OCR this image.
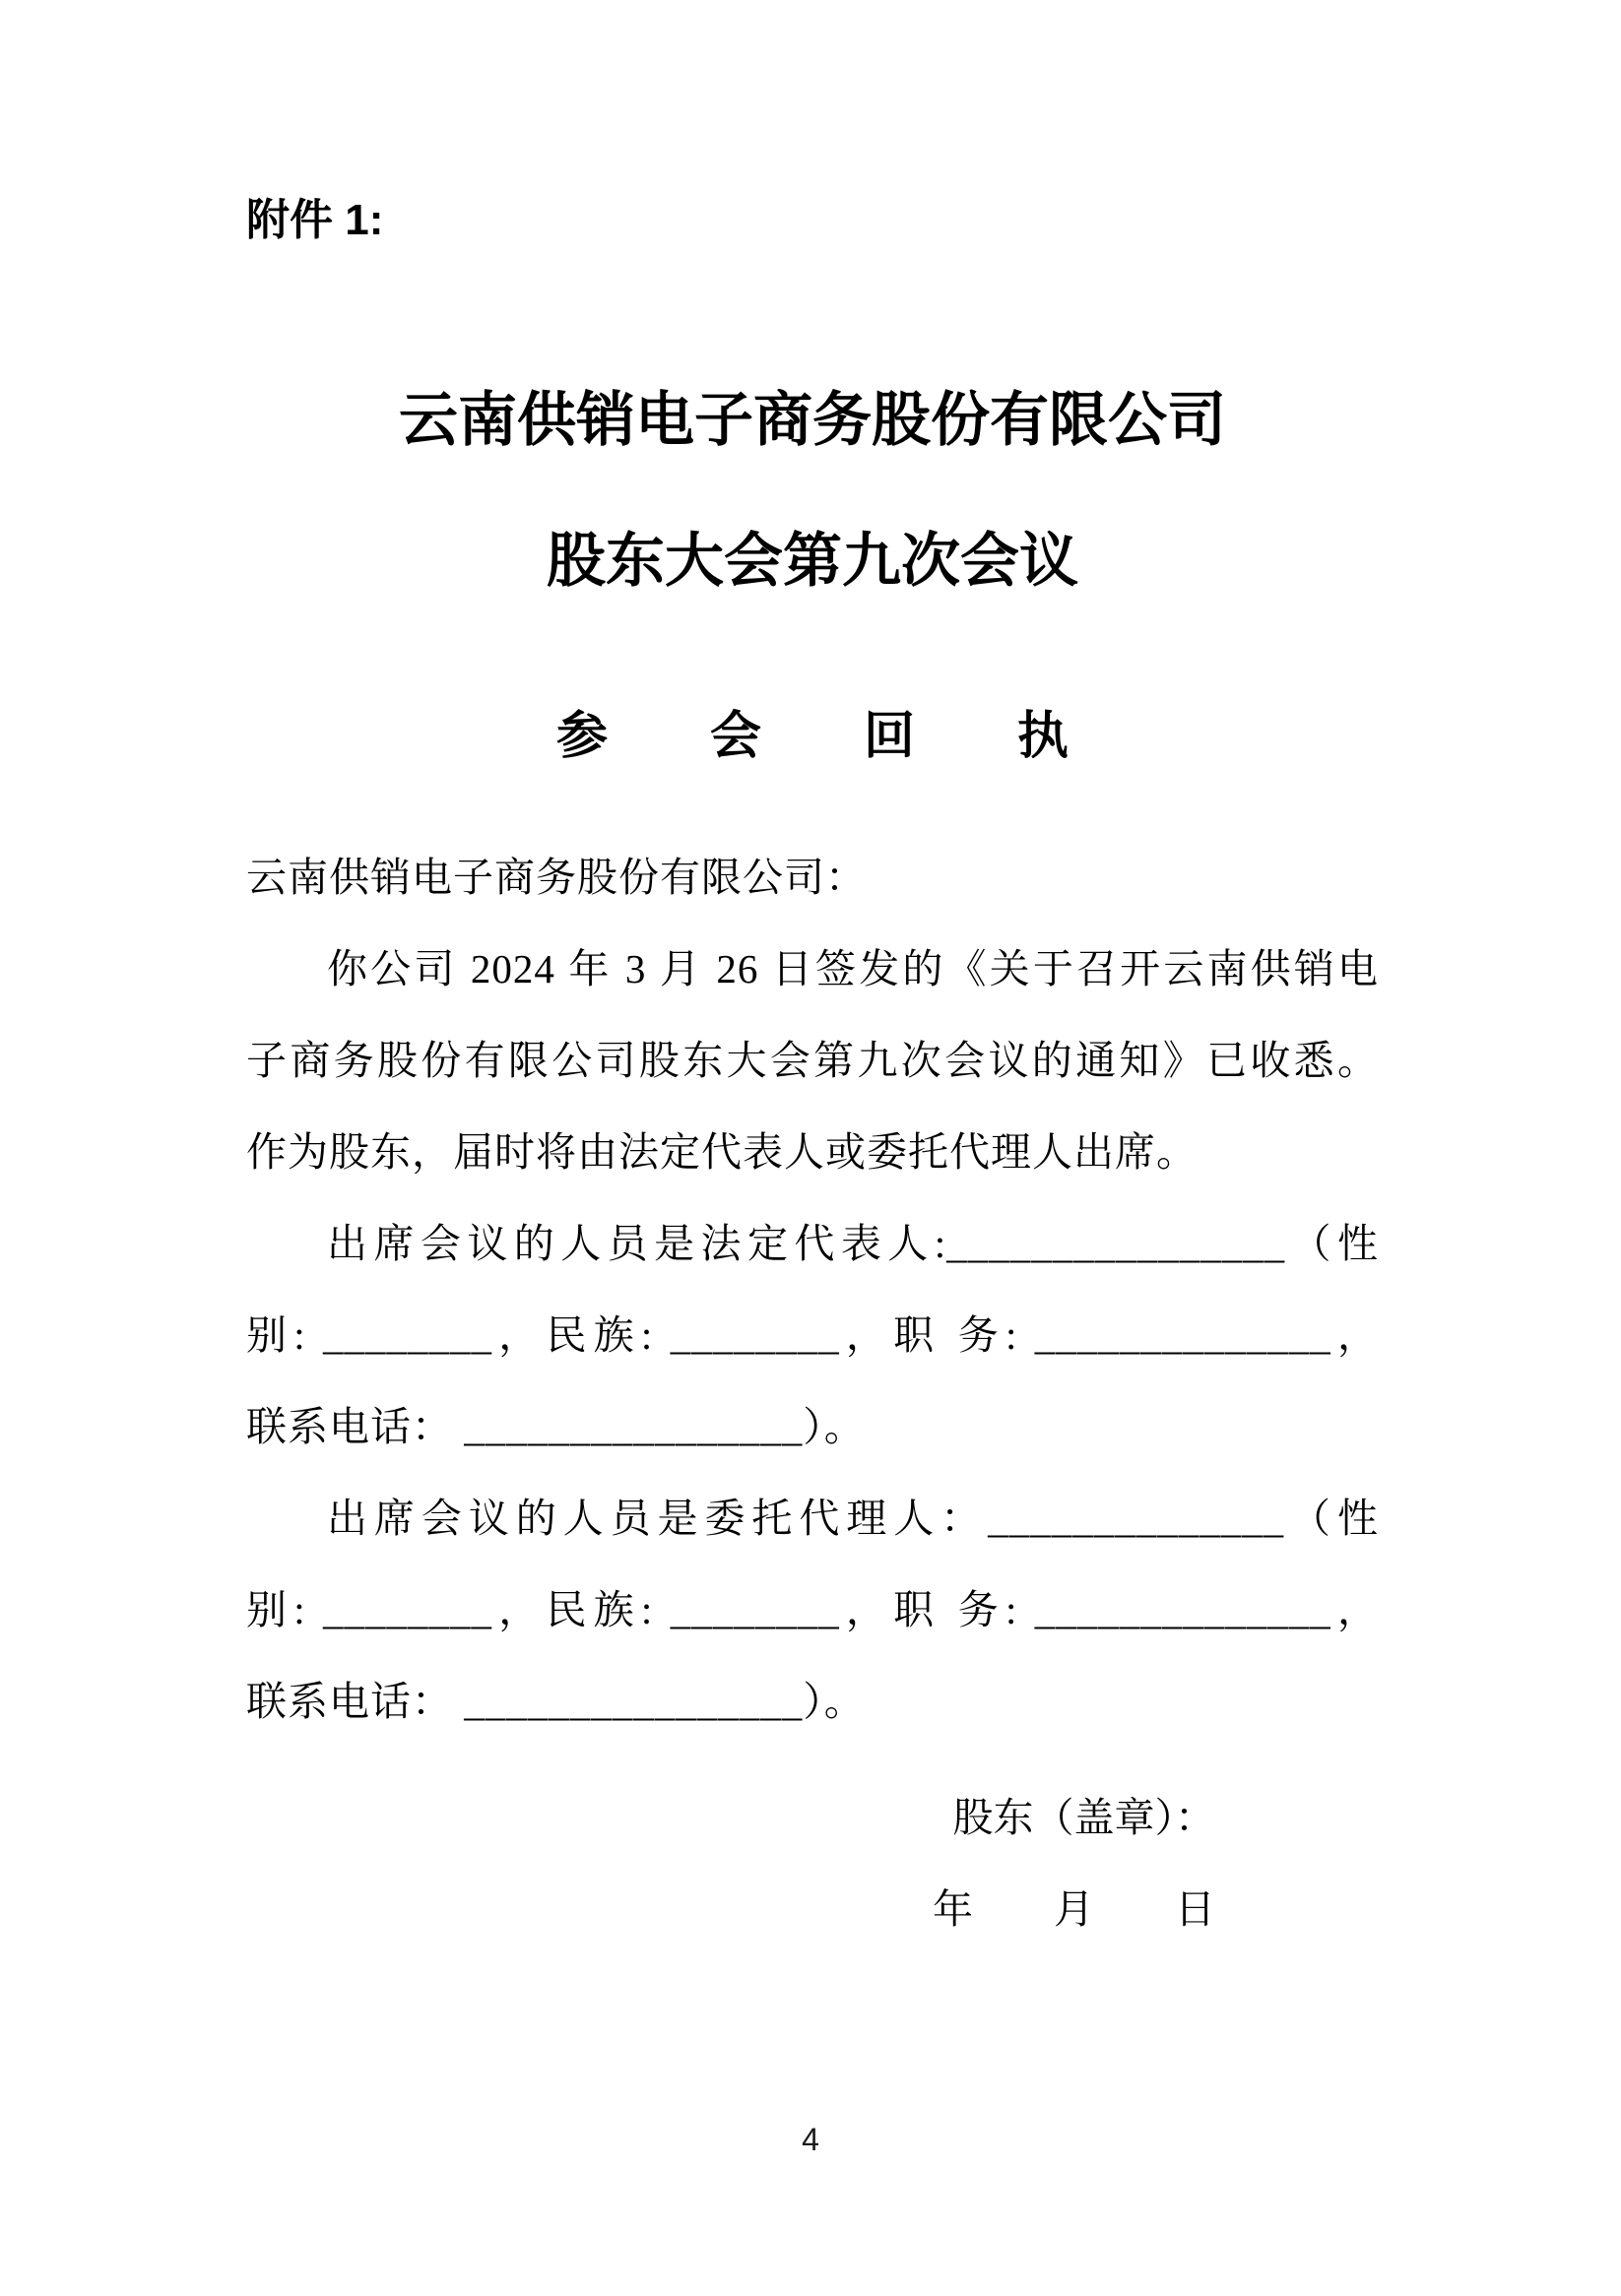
附件 1:
云南供销电子商务股份有限公司
股东大会第九次会议
参　　会　　回　　执
云南供销电子商务股份有限公司：
你公司 2024 年 3 月 26 日签发的《关于召开云南供销电
子商务股份有限公司股东大会第九次会议的通知》已收悉。
作为股东，届时将由法定代表人或委托代理人出席。
出席会议的人员是法定代表人:________________（性
别: ________，民族: ________，职 务: ______________，
联系电话： ________________）。
出席会议的人员是委托代理人：______________（性
别: ________，民族: ________，职 务: ______________，
联系电话： ________________）。
股东（盖章）：
年　　月　　日
4
